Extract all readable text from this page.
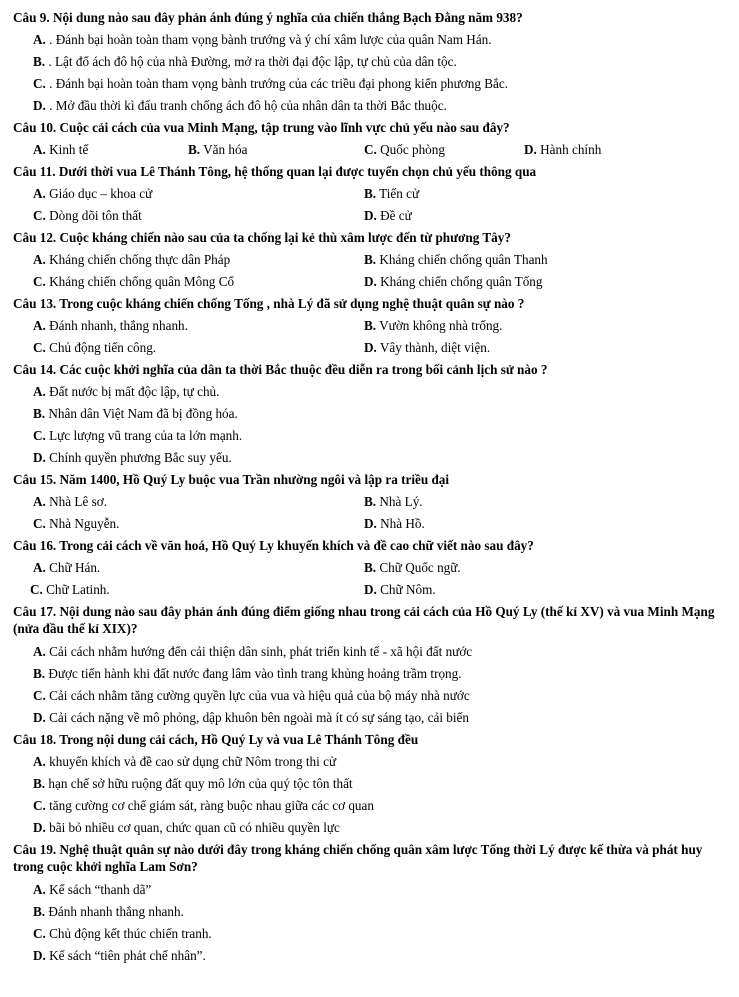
Câu 9. Nội dung nào sau đây phản ánh đúng ý nghĩa của chiến thắng Bạch Đằng năm 938?
A. . Đánh bại hoàn toàn tham vọng bành trướng và ý chí xâm lược của quân Nam Hán.
B. . Lật đổ ách đô hộ của nhà Đường, mở ra thời đại độc lập, tự chủ của dân tộc.
C. . Đánh bại hoàn toàn tham vọng bành trướng của các triều đại phong kiến phương Bắc.
D. . Mở đầu thời kì đấu tranh chống ách đô hộ của nhân dân ta thời Bắc thuộc.
Câu 10. Cuộc cải cách của vua Minh Mạng, tập trung vào lĩnh vực chủ yếu nào sau đây?
A. Kinh tế	B. Văn hóa	C. Quốc phòng	D. Hành chính
Câu 11. Dưới thời vua Lê Thánh Tông, hệ thống quan lại được tuyển chọn chủ yếu thông qua
A. Giáo dục – khoa cử	B. Tiến cử
C. Dòng dõi tôn thất	D. Đề cử
Câu 12. Cuộc kháng chiến nào sau của ta chống lại kẻ thù xâm lược đến từ phương Tây?
A. Kháng chiến chống thực dân Pháp	B. Kháng chiến chống quân Thanh
C. Kháng chiến chống quân Mông Cổ	D. Kháng chiến chống quân Tống
Câu 13. Trong cuộc kháng chiến chống Tống , nhà Lý đã sử dụng nghệ thuật quân sự nào ?
A. Đánh nhanh, thắng nhanh.	B. Vườn không nhà trống.
C. Chủ động tiến công.	D. Vây thành, diệt viện.
Câu 14. Các cuộc khởi nghĩa của dân ta thời Bắc thuộc đều diễn ra trong bối cảnh lịch sử nào ?
A. Đất nước bị mất độc lập, tự chủ.
B. Nhân dân Việt Nam đã bị đồng hóa.
C. Lực lượng vũ trang của ta lớn mạnh.
D. Chính quyền phương Bắc suy yếu.
Câu 15. Năm 1400, Hồ Quý Ly buộc vua Trần nhường ngôi và lập ra triều đại
A. Nhà Lê sơ.	B. Nhà Lý.
C. Nhà Nguyễn.	D. Nhà Hồ.
Câu 16. Trong cải cách về văn hoá, Hồ Quý Ly khuyến khích và đề cao chữ viết nào sau đây?
A. Chữ Hán.	B. Chữ Quốc ngữ.
C. Chữ Latinh.	D. Chữ Nôm.
Câu 17. Nội dung nào sau đây phản ánh đúng điểm giống nhau trong cải cách của Hồ Quý Ly (thế kỉ XV) và vua Minh Mạng (nửa đầu thế kỉ XIX)?
A. Cải cách nhằm hướng đến cải thiện dân sinh, phát triển kinh tế - xã hội đất nước
B. Được tiến hành khi đất nước đang lâm vào tình trang khủng hoảng trầm trọng.
C. Cải cách nhằm tăng cường quyền lực của vua và hiệu quả của bộ máy nhà nước
D. Cải cách nặng về mô phỏng, dập khuôn bên ngoài mà ít có sự sáng tạo, cải biến
Câu 18. Trong nội dung cải cách, Hồ Quý Ly và vua Lê Thánh Tông đều
A. khuyến khích và đề cao sử dụng chữ Nôm trong thi cử
B. hạn chế sở hữu ruộng đất quy mô lớn của quý tộc tôn thất
C. tăng cường cơ chế giám sát, ràng buộc nhau giữa các cơ quan
D. bãi bỏ nhiều cơ quan, chức quan cũ có nhiều quyền lực
Câu 19. Nghệ thuật quân sự nào dưới đây trong kháng chiến chống quân xâm lược Tống thời Lý được kế thừa và phát huy trong cuộc khởi nghĩa Lam Sơn?
A. Kế sách “thanh dã”
B. Đánh nhanh thắng nhanh.
C. Chủ động kết thúc chiến tranh.
D. Kế sách “tiên phát chế nhân”.
